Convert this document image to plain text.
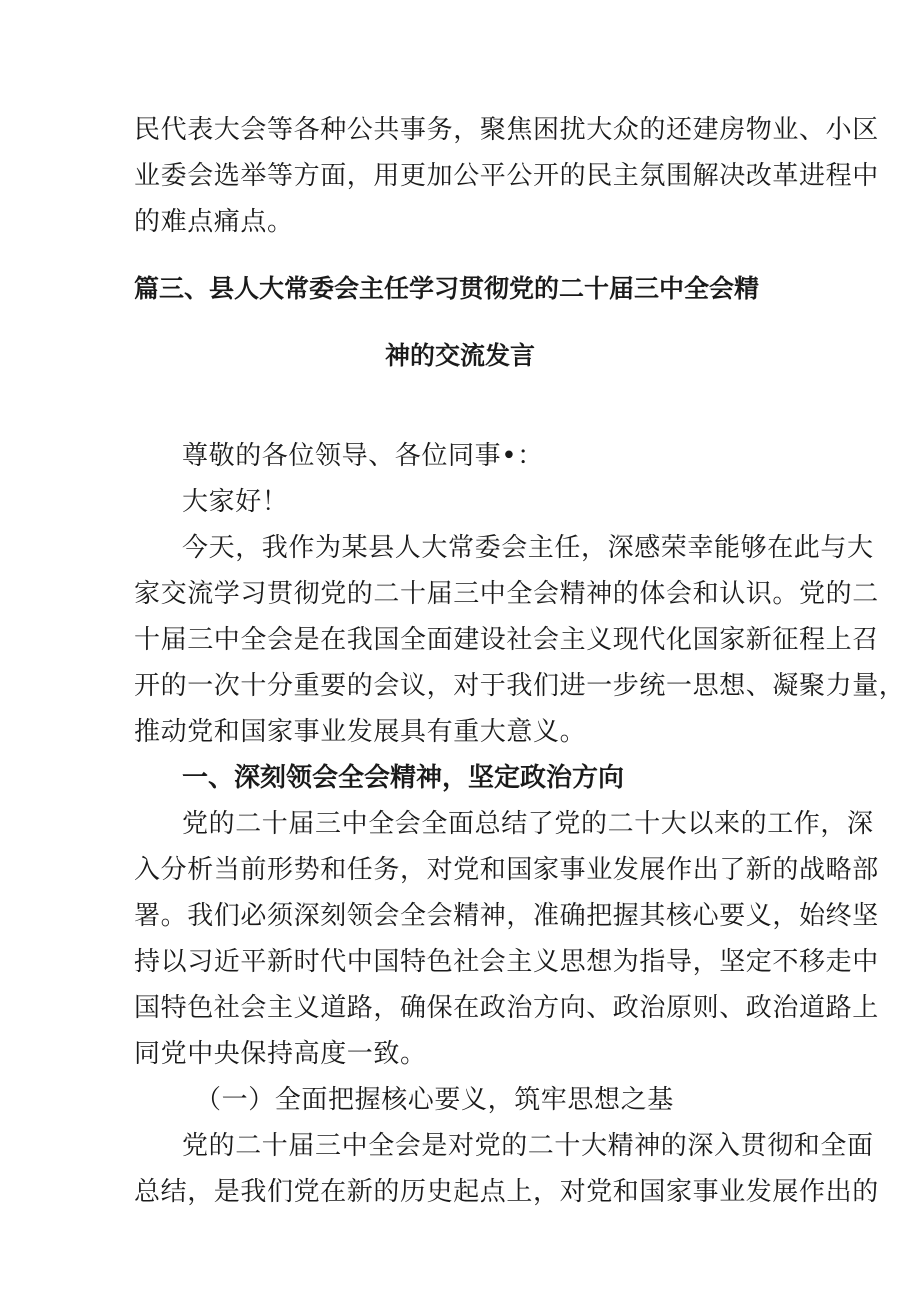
民代表大会等各种公共事务，聚焦困扰大众的还建房物业、小区
业委会选举等方面，用更加公平公开的民主氛围解决改革进程中
的难点痛点。
篇三、县人大常委会主任学习贯彻党的二十届三中全会精
神的交流发言
尊敬的各位领导、各位同事•：
大家好！
今天，我作为某县人大常委会主任，深感荣幸能够在此与大
家交流学习贯彻党的二十届三中全会精神的体会和认识。党的二
十届三中全会是在我国全面建设社会主义现代化国家新征程上召
开的一次十分重要的会议，对于我们进一步统一思想、凝聚力量，
推动党和国家事业发展具有重大意义。
一、深刻领会全会精神，坚定政治方向
党的二十届三中全会全面总结了党的二十大以来的工作，深
入分析当前形势和任务，对党和国家事业发展作出了新的战略部
署。我们必须深刻领会全会精神，准确把握其核心要义，始终坚
持以习近平新时代中国特色社会主义思想为指导，坚定不移走中
国特色社会主义道路，确保在政治方向、政治原则、政治道路上
同党中央保持高度一致。
（一）全面把握核心要义，筑牢思想之基
党的二十届三中全会是对党的二十大精神的深入贯彻和全面
总结，是我们党在新的历史起点上，对党和国家事业发展作出的
